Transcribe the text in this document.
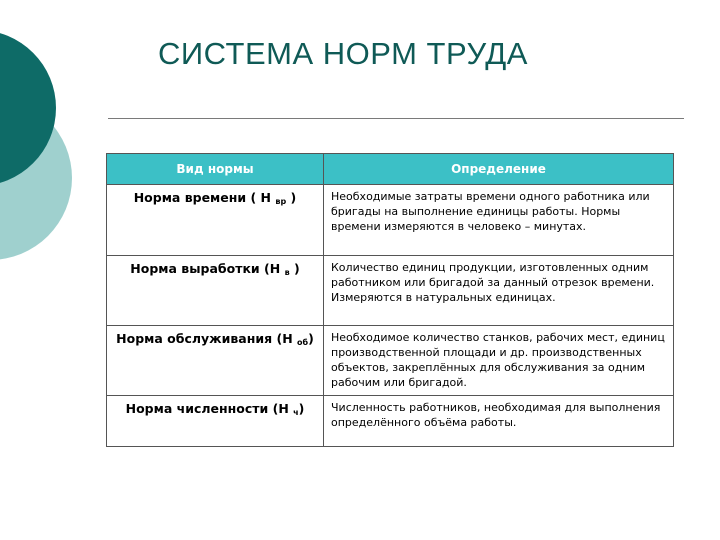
СИСТЕМА НОРМ ТРУДА
Вид нормы	Определение
Норма времени ( Н $_{вр}$ )	Необходимые затраты времени одного работника или бригады на выполнение единицы работы. Нормы времени измеряются в человеко – минутах.
Норма выработки (Н $_в$ )	Количество единиц продукции, изготовленных одним работником или бригадой за данный отрезок времени. Измеряются в натуральных единицах.
Норма обслуживания (Н $_{об}$)	Необходимое количество станков, рабочих мест, единиц производственной площади и др. производственных объектов, закреплённых для обслуживания за одним рабочим или бригадой.
Норма численности (Н $_ч$)	Численность работников, необходимая для выполнения определённого объёма работы.
